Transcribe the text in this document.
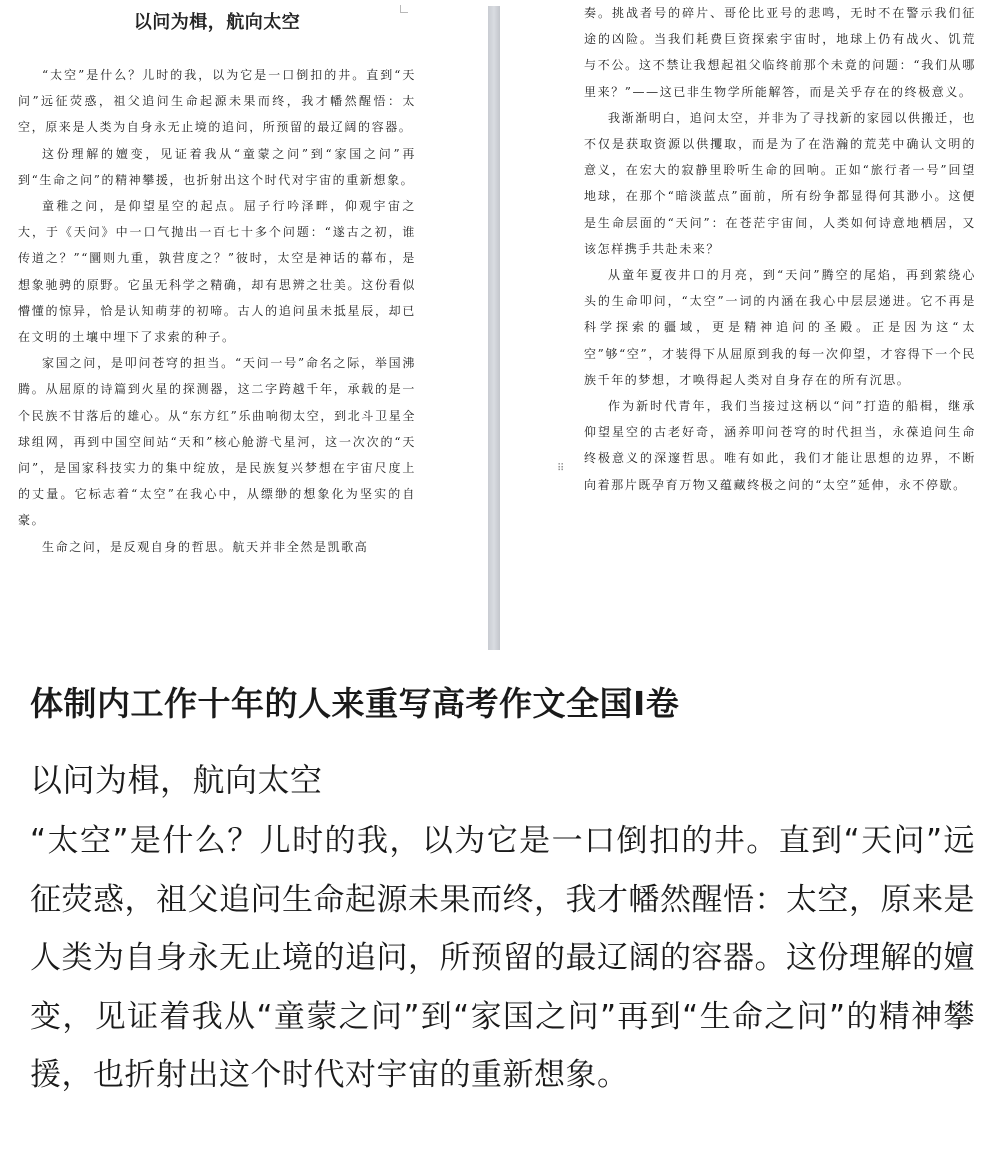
以问为楫，航向太空

“太空”是什么？儿时的我，以为它是一口倒扣的井。直到“天问”远征荧惑，祖父追问生命起源未果而终，我才幡然醒悟：太空，原来是人类为自身永无止境的追问，所预留的最辽阔的容器。

这份理解的嬗变，见证着我从“童蒙之问”到“家国之问”再到“生命之问”的精神攀援，也折射出这个时代对宇宙的重新想象。

童稚之问，是仰望星空的起点。屈子行吟泽畔，仰观宇宙之大，于《天问》中一口气抛出一百七十多个问题：“遂古之初，谁传道之？”“圜则九重，孰营度之？”彼时，太空是神话的幕布，是想象驰骋的原野。它虽无科学之精确，却有思辨之壮美。这份看似懵懂的惊异，恰是认知萌芽的初啼。古人的追问虽未抵星辰，却已在文明的土壤中埋下了求索的种子。

家国之问，是叩问苍穹的担当。“天问一号”命名之际，举国沸腾。从屈原的诗篇到火星的探测器，这二字跨越千年，承载的是一个民族不甘落后的雄心。从“东方红”乐曲响彻太空，到北斗卫星全球组网，再到中国空间站“天和”核心舱游弋星河，这一次次的“天问”，是国家科技实力的集中绽放，是民族复兴梦想在宇宙尺度上的丈量。它标志着“太空”在我心中，从缥缈的想象化为坚实的自豪。

生命之问，是反观自身的哲思。航天并非全然是凯歌高

⠿

奏。挑战者号的碎片、哥伦比亚号的悲鸣，无时不在警示我们征途的凶险。当我们耗费巨资探索宇宙时，地球上仍有战火、饥荒与不公。这不禁让我想起祖父临终前那个未竟的问题：“我们从哪里来？”——这已非生物学所能解答，而是关乎存在的终极意义。

我渐渐明白，追问太空，并非为了寻找新的家园以供搬迁，也不仅是获取资源以供攫取，而是为了在浩瀚的荒芜中确认文明的意义，在宏大的寂静里聆听生命的回响。正如“旅行者一号”回望地球，在那个“暗淡蓝点”面前，所有纷争都显得何其渺小。这便是生命层面的“天问”：在苍茫宇宙间，人类如何诗意地栖居，又该怎样携手共赴未来？

从童年夏夜井口的月亮，到“天问”腾空的尾焰，再到萦绕心头的生命叩问，“太空”一词的内涵在我心中层层递进。它不再是科学探索的疆域，更是精神追问的圣殿。正是因为这“太空”够“空”，才装得下从屈原到我的每一次仰望，才容得下一个民族千年的梦想，才唤得起人类对自身存在的所有沉思。

作为新时代青年，我们当接过这柄以“问”打造的船楫，继承仰望星空的古老好奇，涵养叩问苍穹的时代担当，永葆追问生命终极意义的深邃哲思。唯有如此，我们才能让思想的边界，不断向着那片既孕育万物又蕴藏终极之问的“太空”延伸，永不停歇。

体制内工作十年的人来重写高考作文全国I卷
以问为楫，航向太空
“太空”是什么？儿时的我，以为它是一口倒扣的井。直到“天问”远征荧惑，祖父追问生命起源未果而终，我才幡然醒悟：太空，原来是人类为自身永无止境的追问，所预留的最辽阔的容器。这份理解的嬗变，见证着我从“童蒙之问”到“家国之问”再到“生命之问”的精神攀援，也折射出这个时代对宇宙的重新想象。
